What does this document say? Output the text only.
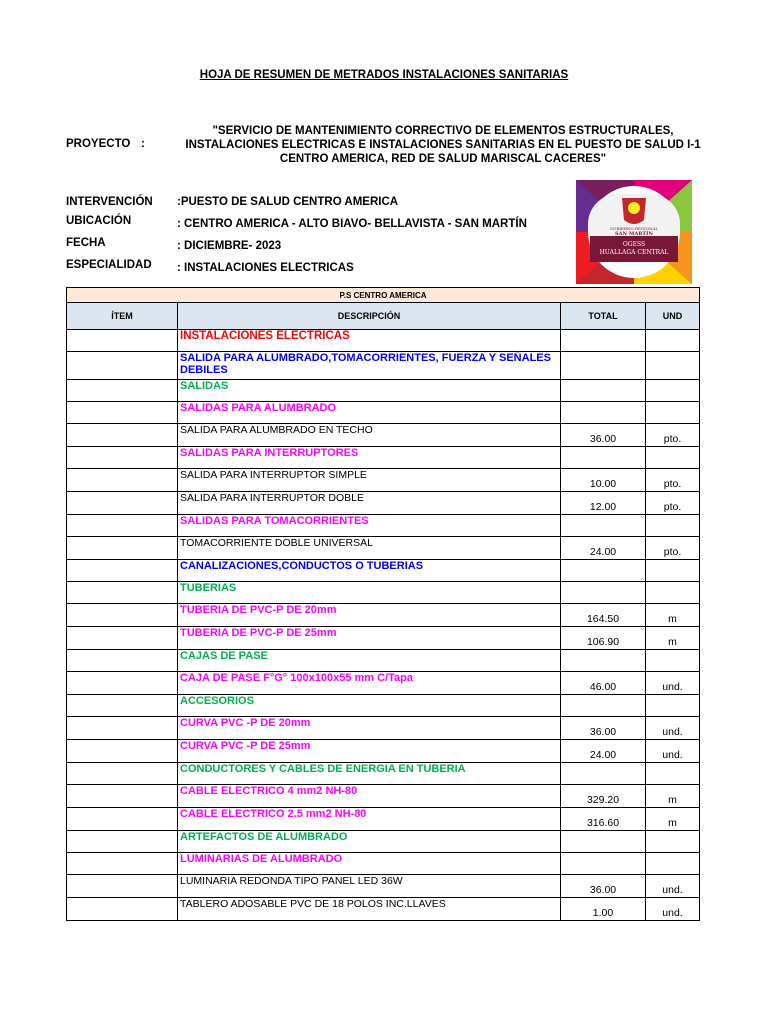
HOJA DE RESUMEN DE METRADOS INSTALACIONES SANITARIAS
PROYECTO :
"SERVICIO DE MANTENIMIENTO CORRECTIVO DE ELEMENTOS ESTRUCTURALES, INSTALACIONES ELECTRICAS E INSTALACIONES SANITARIAS EN EL PUESTO DE SALUD I-1 CENTRO AMERICA, RED DE SALUD MARISCAL CACERES"
INTERVENCIÓN :PUESTO DE SALUD CENTRO AMERICA
UBICACIÓN	: CENTRO AMERICA - ALTO BIAVO- BELLAVISTA - SAN MARTÍN
FECHA	: DICIEMBRE- 2023
ESPECIALIDAD : INSTALACIONES ELECTRICAS
GOBIERNO REGIONAL
SAN MARTÍN
OGESS
HUALLAGA CENTRAL
P.S CENTRO AMERICA			
ÍTEM	DESCRIPCIÓN	TOTAL	UND
	INSTALACIONES ELECTRICAS		
	SALIDA PARA ALUMBRADO,TOMACORRIENTES, FUERZA Y SEÑALES DEBILES		
	SALIDAS		
	SALIDAS PARA ALUMBRADO		
	SALIDA PARA ALUMBRADO EN TECHO	36.00	pto.
	SALIDAS PARA INTERRUPTORES		
	SALIDA PARA INTERRUPTOR SIMPLE	10.00	pto.
	SALIDA PARA INTERRUPTOR DOBLE	12.00	pto.
	SALIDAS PARA TOMACORRIENTES		
	TOMACORRIENTE DOBLE UNIVERSAL	24.00	pto.
	CANALIZACIONES,CONDUCTOS O TUBERIAS		
	TUBERIAS		
	TUBERIA DE PVC-P DE 20mm	164.50	m
	TUBERIA DE PVC-P DE 25mm	106.90	m
	CAJAS DE PASE		
	CAJA DE PASE F°G° 100x100x55 mm C/Tapa	46.00	und.
	ACCESORIOS		
	CURVA PVC -P DE 20mm	36.00	und.
	CURVA PVC -P DE 25mm	24.00	und.
	CONDUCTORES Y CABLES DE ENERGIA EN TUBERIA		
	CABLE ELECTRICO 4 mm2 NH-80	329.20	m
	CABLE ELECTRICO 2.5 mm2 NH-80	316.60	m
	ARTEFACTOS DE ALUMBRADO		
	LUMINARIAS DE ALUMBRADO		
	LUMINARIA REDONDA TIPO PANEL LED 36W	36.00	und.
	TABLERO ADOSABLE PVC DE 18 POLOS INC.LLAVES	1.00	und.
